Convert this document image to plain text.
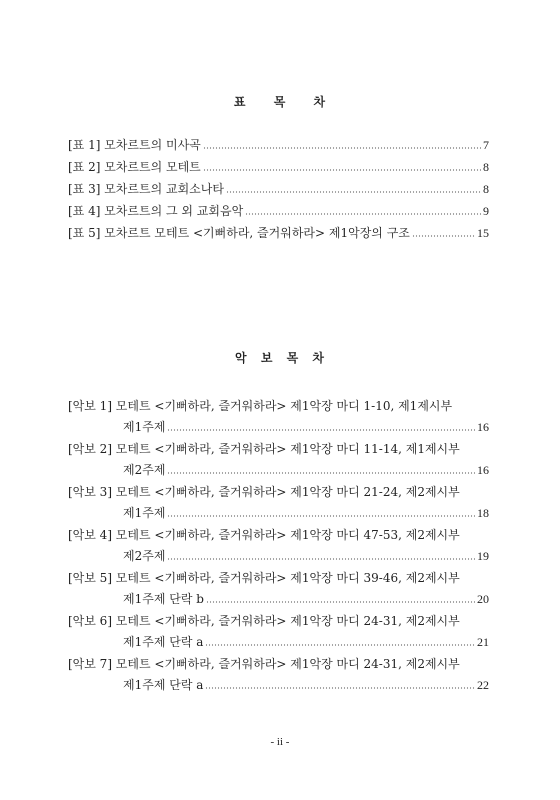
표 목 차
[표 1] 모차르트의 미사곡	7
[표 2] 모차르트의 모테트	8
[표 3] 모차르트의 교회소나타	8
[표 4] 모차르트의 그 외 교회음악	9
[표 5] 모차르트 모테트 <기뻐하라, 즐거워하라> 제1악장의 구조	15
악 보 목 차
[악보 1] 모테트 <기뻐하라, 즐거워하라> 제1악장 마디 1-10, 제1제시부
제1주제	16
[악보 2] 모테트 <기뻐하라, 즐거워하라> 제1악장 마디 11-14, 제1제시부
제2주제	16
[악보 3] 모테트 <기뻐하라, 즐거워하라> 제1악장 마디 21-24, 제2제시부
제1주제	18
[악보 4] 모테트 <기뻐하라, 즐거워하라> 제1악장 마디 47-53, 제2제시부
제2주제	19
[악보 5] 모테트 <기뻐하라, 즐거워하라> 제1악장 마디 39-46, 제2제시부
제1주제 단락 b	20
[악보 6] 모테트 <기뻐하라, 즐거워하라> 제1악장 마디 24-31, 제2제시부
제1주제 단락 a	21
[악보 7] 모테트 <기뻐하라, 즐거워하라> 제1악장 마디 24-31, 제2제시부
제1주제 단락 a	22
- ii -
